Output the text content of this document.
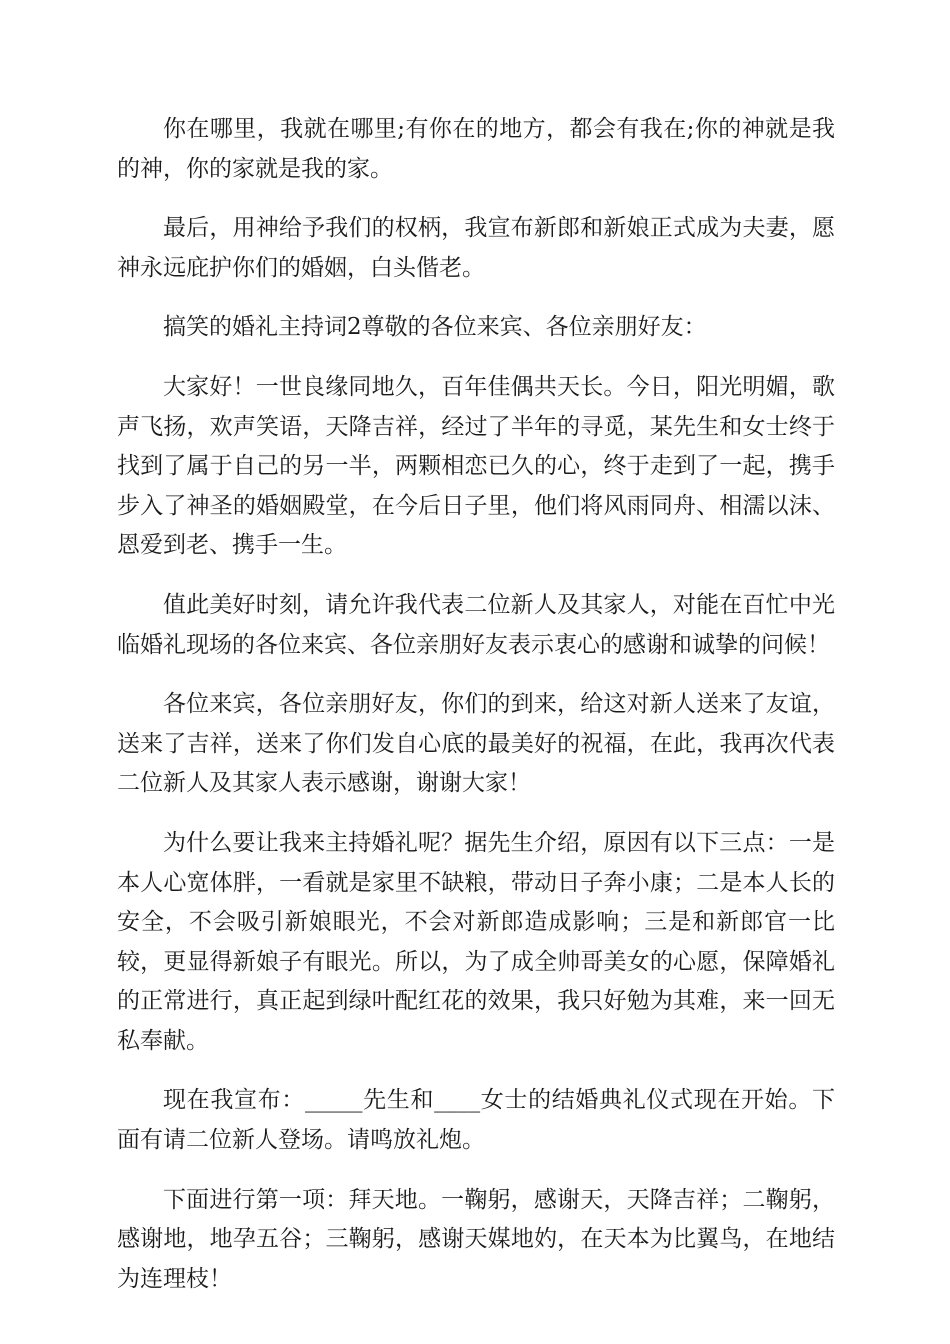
你在哪里，我就在哪里;有你在的地方，都会有我在;你的神就是我的神，你的家就是我的家。

最后，用神给予我们的权柄，我宣布新郎和新娘正式成为夫妻，愿神永远庇护你们的婚姻，白头偕老。

搞笑的婚礼主持词2尊敬的各位来宾、各位亲朋好友：

大家好！一世良缘同地久，百年佳偶共天长。今日，阳光明媚，歌声飞扬，欢声笑语，天降吉祥，经过了半年的寻觅，某先生和女士终于找到了属于自己的另一半，两颗相恋已久的心，终于走到了一起，携手步入了神圣的婚姻殿堂，在今后日子里，他们将风雨同舟、相濡以沫、恩爱到老、携手一生。

值此美好时刻，请允许我代表二位新人及其家人，对能在百忙中光临婚礼现场的各位来宾、各位亲朋好友表示衷心的感谢和诚挚的问候！

各位来宾，各位亲朋好友，你们的到来，给这对新人送来了友谊，送来了吉祥，送来了你们发自心底的最美好的祝福，在此，我再次代表二位新人及其家人表示感谢，谢谢大家！

为什么要让我来主持婚礼呢？据先生介绍，原因有以下三点：一是本人心宽体胖，一看就是家里不缺粮，带动日子奔小康；二是本人长的安全，不会吸引新娘眼光，不会对新郎造成影响；三是和新郎官一比较，更显得新娘子有眼光。所以，为了成全帅哥美女的心愿，保障婚礼的正常进行，真正起到绿叶配红花的效果，我只好勉为其难，来一回无私奉献。

现在我宣布：_____先生和____女士的结婚典礼仪式现在开始。下面有请二位新人登场。请鸣放礼炮。

下面进行第一项：拜天地。一鞠躬，感谢天，天降吉祥；二鞠躬，感谢地，地孕五谷；三鞠躬，感谢天媒地妁，在天本为比翼鸟，在地结为连理枝！
